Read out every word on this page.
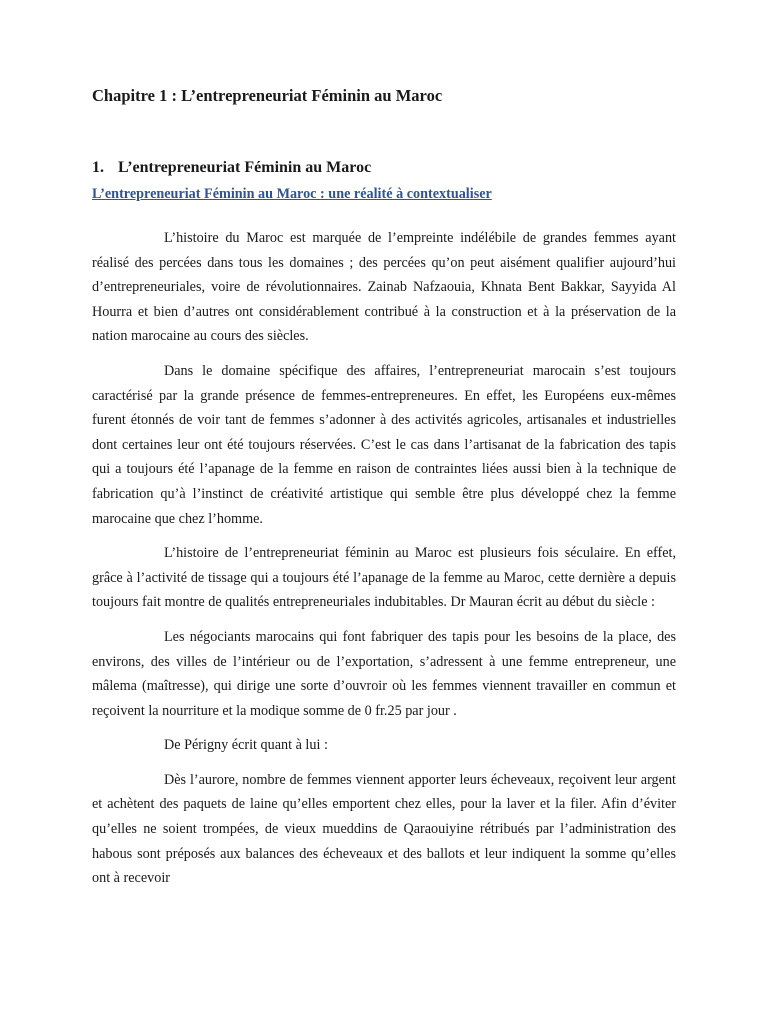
Chapitre 1 : L’entrepreneuriat Féminin au Maroc
1. L’entrepreneuriat Féminin au Maroc
L’entrepreneuriat Féminin au Maroc : une réalité à contextualiser

L’histoire du Maroc est marquée de l’empreinte indélébile de grandes femmes ayant réalisé des percées dans tous les domaines ; des percées qu’on peut aisément qualifier aujourd’hui d’entrepreneuriales, voire de révolutionnaires. Zainab Nafzaouia, Khnata Bent Bakkar, Sayyida Al Hourra et bien d’autres ont considérablement contribué à la construction et à la préservation de la nation marocaine au cours des siècles.

Dans le domaine spécifique des affaires, l’entrepreneuriat marocain s’est toujours caractérisé par la grande présence de femmes-entrepreneures. En effet, les Européens eux-mêmes furent étonnés de voir tant de femmes s’adonner à des activités agricoles, artisanales et industrielles dont certaines leur ont été toujours réservées. C’est le cas dans l’artisanat de la fabrication des tapis qui a toujours été l’apanage de la femme en raison de contraintes liées aussi bien à la technique de fabrication qu’à l’instinct de créativité artistique qui semble être plus développé chez la femme marocaine que chez l’homme.

L’histoire de l’entrepreneuriat féminin au Maroc est plusieurs fois séculaire. En effet, grâce à l’activité de tissage qui a toujours été l’apanage de la femme au Maroc, cette dernière a depuis toujours fait montre de qualités entrepreneuriales indubitables. Dr Mauran écrit au début du siècle :

Les négociants marocains qui font fabriquer des tapis pour les besoins de la place, des environs, des villes de l’intérieur ou de l’exportation, s’adressent à une femme entrepreneur, une mâlema (maîtresse), qui dirige une sorte d’ouvroir où les femmes viennent travailler en commun et reçoivent la nourriture et la modique somme de 0 fr.25 par jour .

De Périgny écrit quant à lui :

Dès l’aurore, nombre de femmes viennent apporter leurs écheveaux, reçoivent leur argent et achètent des paquets de laine qu’elles emportent chez elles, pour la laver et la filer. Afin d’éviter qu’elles ne soient trompées, de vieux mueddins de Qaraouiyine rétribués par l’administration des habous sont préposés aux balances des écheveaux et des ballots et leur indiquent la somme qu’elles ont à recevoir
